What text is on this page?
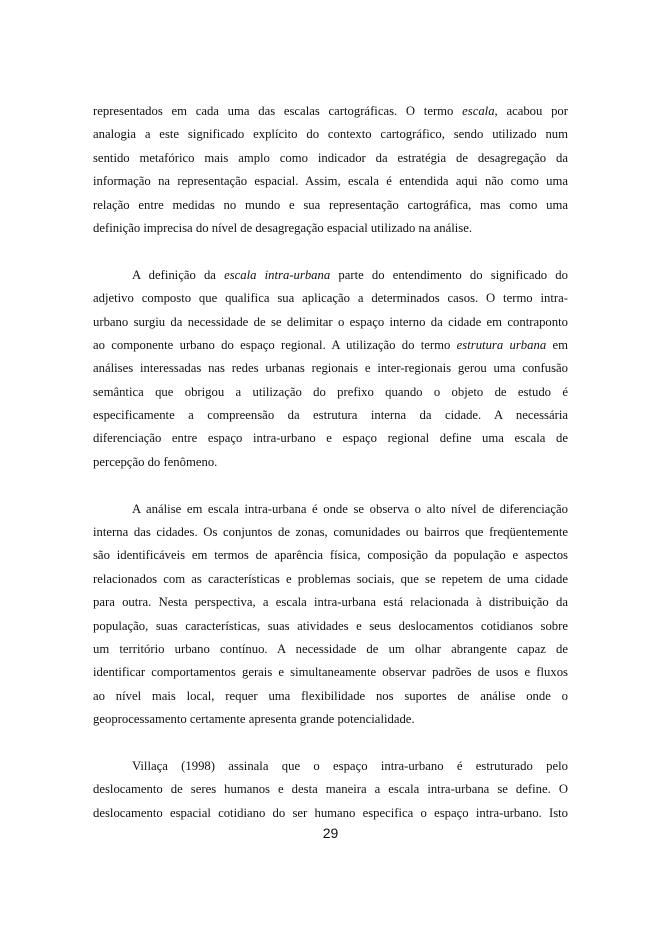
representados em cada uma das escalas cartográficas. O termo escala, acabou por
analogia a este significado explícito do contexto cartográfico, sendo utilizado num
sentido metafórico mais amplo como indicador da estratégia de desagregação da
informação na representação espacial. Assim, escala é entendida aqui não como uma
relação entre medidas no mundo e sua representação cartográfica, mas como uma
definição imprecisa do nível de desagregação espacial utilizado na análise.
A definição da escala intra-urbana parte do entendimento do significado do
adjetivo composto que qualifica sua aplicação a determinados casos. O termo intra-
urbano surgiu da necessidade de se delimitar o espaço interno da cidade em contraponto
ao componente urbano do espaço regional. A utilização do termo estrutura urbana em
análises interessadas nas redes urbanas regionais e inter-regionais gerou uma confusão
semântica que obrigou a utilização do prefixo quando o objeto de estudo é
especificamente a compreensão da estrutura interna da cidade. A necessária
diferenciação entre espaço intra-urbano e espaço regional define uma escala de
percepção do fenômeno.
A análise em escala intra-urbana é onde se observa o alto nível de diferenciação
interna das cidades. Os conjuntos de zonas, comunidades ou bairros que freqüentemente
são identificáveis em termos de aparência física, composição da população e aspectos
relacionados com as características e problemas sociais, que se repetem de uma cidade
para outra. Nesta perspectiva, a escala intra-urbana está relacionada à distribuição da
população, suas características, suas atividades e seus deslocamentos cotidianos sobre
um território urbano contínuo. A necessidade de um olhar abrangente capaz de
identificar comportamentos gerais e simultaneamente observar padrões de usos e fluxos
ao nível mais local, requer uma flexibilidade nos suportes de análise onde o
geoprocessamento certamente apresenta grande potencialidade.
Villaça (1998) assinala que o espaço intra-urbano é estruturado pelo
deslocamento de seres humanos e desta maneira a escala intra-urbana se define. O
deslocamento espacial cotidiano do ser humano especifica o espaço intra-urbano. Isto
29
